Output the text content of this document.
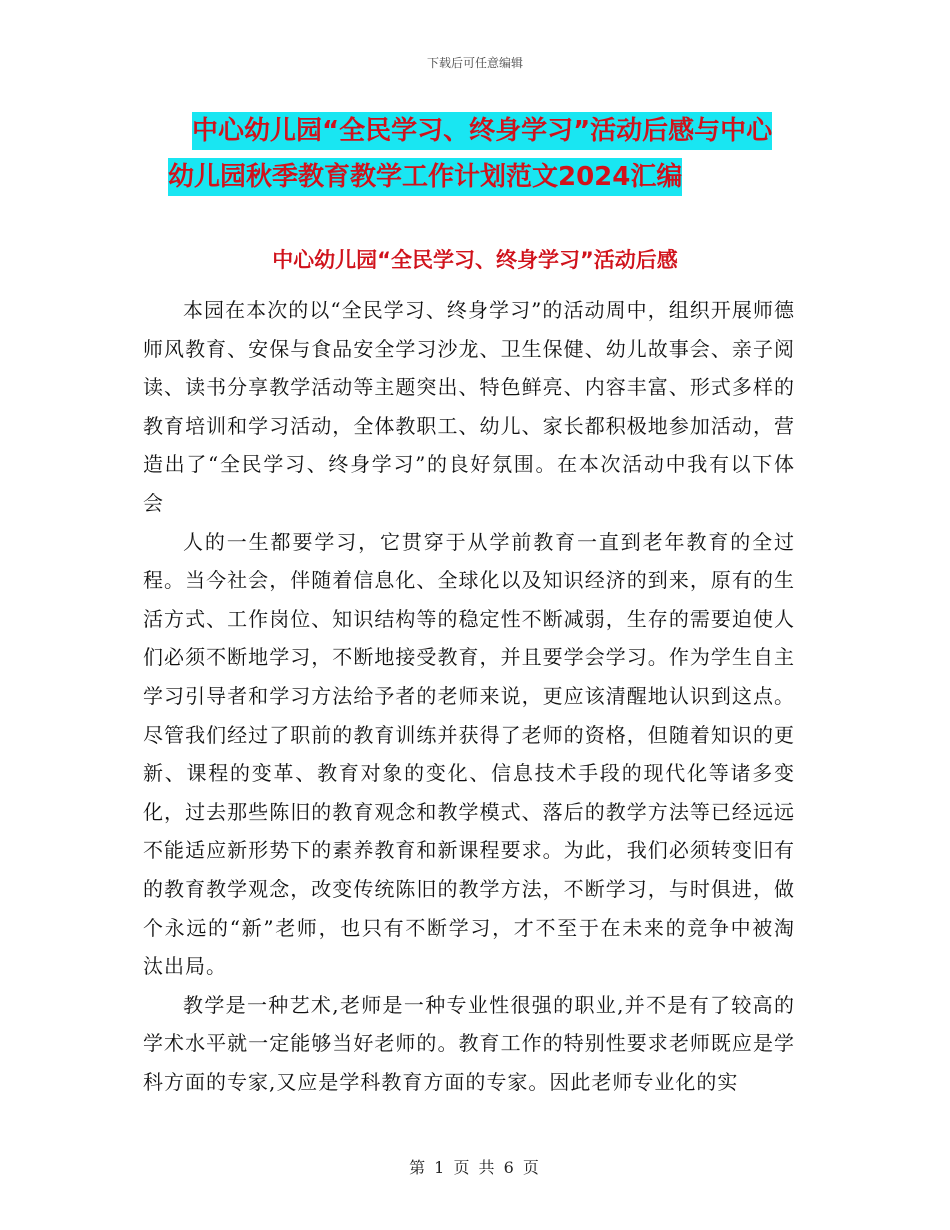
下载后可任意编辑
中心幼儿园“全民学习、终身学习”活动后感与中心
幼儿园秋季教育教学工作计划范文2024汇编
中心幼儿园“全民学习、终身学习”活动后感

本园在本次的以“全民学习、终身学习”的活动周中，组织开展师德师风教育、安保与食品安全学习沙龙、卫生保健、幼儿故事会、亲子阅读、读书分享教学活动等主题突出、特色鲜亮、内容丰富、形式多样的教育培训和学习活动，全体教职工、幼儿、家长都积极地参加活动，营造出了“全民学习、终身学习”的良好氛围。在本次活动中我有以下体会

人的一生都要学习，它贯穿于从学前教育一直到老年教育的全过程。当今社会，伴随着信息化、全球化以及知识经济的到来，原有的生活方式、工作岗位、知识结构等的稳定性不断减弱，生存的需要迫使人们必须不断地学习，不断地接受教育，并且要学会学习。作为学生自主学习引导者和学习方法给予者的老师来说，更应该清醒地认识到这点。尽管我们经过了职前的教育训练并获得了老师的资格，但随着知识的更新、课程的变革、教育对象的变化、信息技术手段的现代化等诸多变化，过去那些陈旧的教育观念和教学模式、落后的教学方法等已经远远不能适应新形势下的素养教育和新课程要求。为此，我们必须转变旧有的教育教学观念，改变传统陈旧的教学方法，不断学习，与时俱进，做个永远的“新”老师，也只有不断学习，才不至于在未来的竞争中被淘汰出局。

教学是一种艺术,老师是一种专业性很强的职业,并不是有了较高的学术水平就一定能够当好老师的。教育工作的特别性要求老师既应是学科方面的专家,又应是学科教育方面的专家。因此老师专业化的实

第 1 页 共 6 页
